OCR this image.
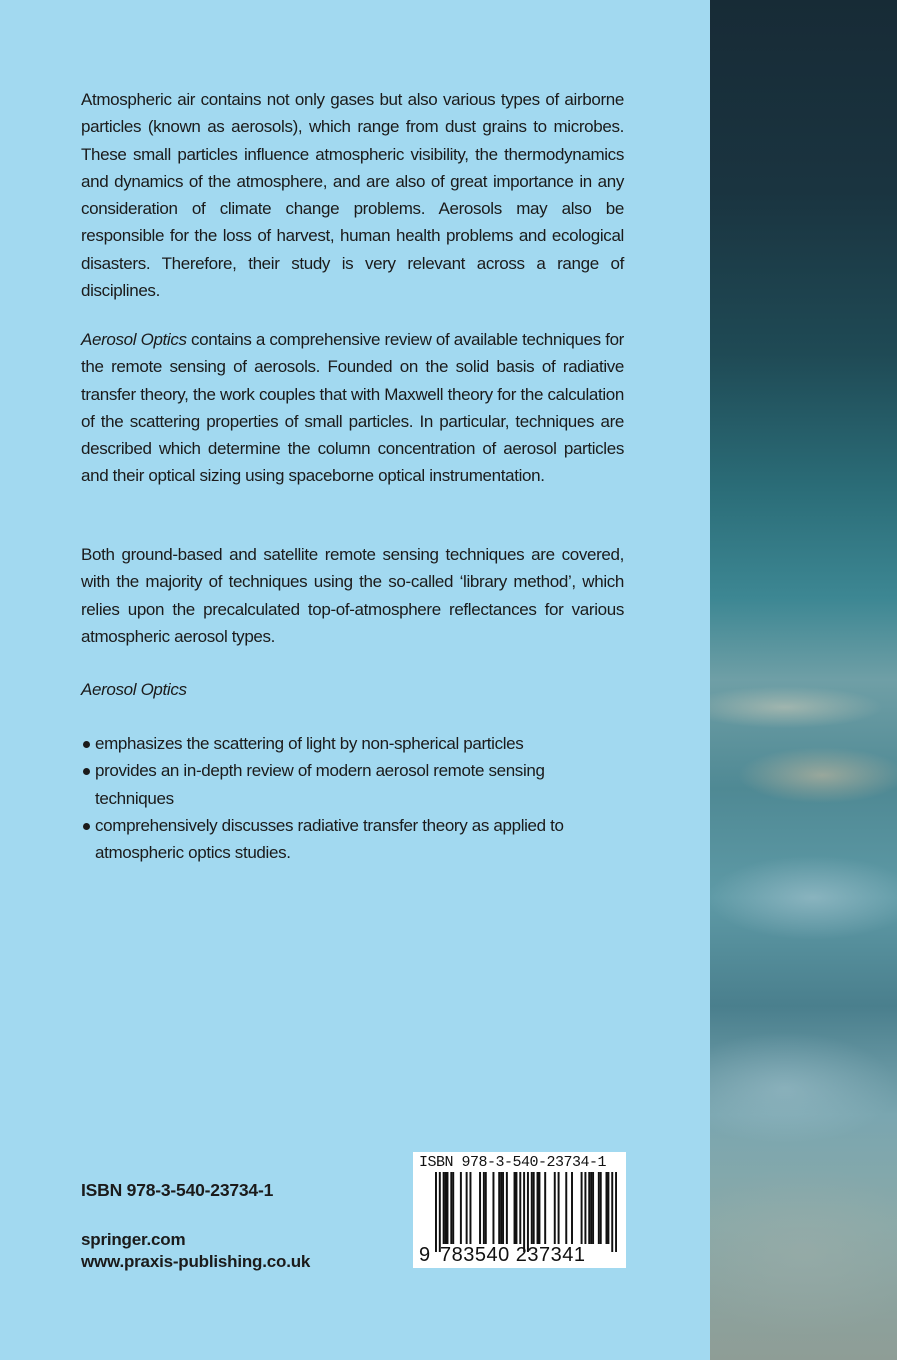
Atmospheric air contains not only gases but also various types of airborne particles (known as aerosols), which range from dust grains to microbes. These small particles influence atmospheric visibility, the thermodynamics and dynamics of the atmosphere, and are also of great importance in any consideration of climate change problems. Aerosols may also be responsible for the loss of harvest, human health problems and ecological disasters. Therefore, their study is very relevant across a range of disciplines.
Aerosol Optics contains a comprehensive review of available techniques for the remote sensing of aerosols. Founded on the solid basis of radiative transfer theory, the work couples that with Maxwell theory for the calculation of the scattering properties of small particles. In particular, techniques are described which determine the column concentration of aerosol particles and their optical sizing using spaceborne optical instrumentation.
Both ground-based and satellite remote sensing techniques are covered, with the majority of techniques using the so-called ‘library method’, which relies upon the precalculated top-of-atmosphere reflectances for various atmospheric aerosol types.
Aerosol Optics
emphasizes the scattering of light by non-spherical particles
provides an in-depth review of modern aerosol remote sensing techniques
comprehensively discusses radiative transfer theory as applied to atmospheric optics studies.
ISBN 978-3-540-23734-1
springer.com
www.praxis-publishing.co.uk
ISBN 978-3-540-23734-1
9 783540 237341
